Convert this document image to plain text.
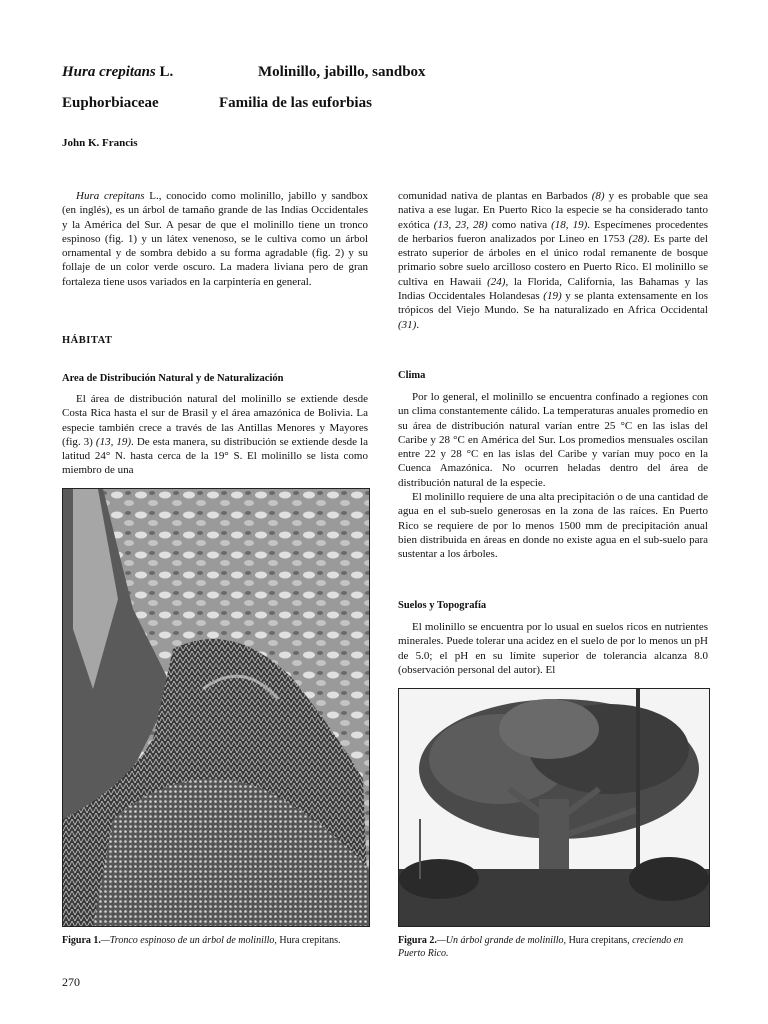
Hura crepitans L.	Molinillo, jabillo, sandbox
Euphorbiaceae	Familia de las euforbias
John K. Francis

Hura crepitans L., conocido como molinillo, jabillo y sandbox (en inglés), es un árbol de tamaño grande de las Indias Occidentales y la América del Sur. A pesar de que el molinillo tiene un tronco espinoso (fig. 1) y un látex venenoso, se le cultiva como un árbol ornamental y de sombra debido a su forma agradable (fig. 2) y su follaje de un color verde oscuro. La madera liviana pero de gran fortaleza tiene usos variados en la carpintería en general.

HÁBITAT
Area de Distribución Natural y de Naturalización

El área de distribución natural del molinillo se extiende desde Costa Rica hasta el sur de Brasil y el área amazónica de Bolivia. La especie también crece a través de las Antillas Menores y Mayores (fig. 3) (13, 19). De esta manera, su distribución se extiende desde la latitud 24° N. hasta cerca de la 19° S. El molinillo se lista como miembro de una

Figura 1.—Tronco espinoso de un árbol de molinillo, Hura crepitans.
270

comunidad nativa de plantas en Barbados (8) y es probable que sea nativa a ese lugar. En Puerto Rico la especie se ha considerado tanto exótica (13, 23, 28) como nativa (18, 19). Especímenes procedentes de herbarios fueron analizados por Lineo en 1753 (28). Es parte del estrato superior de árboles en el único rodal remanente de bosque primario sobre suelo arcilloso costero en Puerto Rico. El molinillo se cultiva en Hawaii (24), la Florida, California, las Bahamas y las Indias Occidentales Holandesas (19) y se planta extensamente en los trópicos del Viejo Mundo. Se ha naturalizado en Africa Occidental (31).

Clima

Por lo general, el molinillo se encuentra confinado a regiones con un clima constantemente cálido. La temperaturas anuales promedio en su área de distribución natural varían entre 25 °C en las islas del Caribe y 28 °C en América del Sur. Los promedios mensuales oscilan entre 22 y 28 °C en las islas del Caribe y varían muy poco en la Cuenca Amazónica. No ocurren heladas dentro del área de distribución natural de la especie.

El molinillo requiere de una alta precipitación o de una cantidad de agua en el sub-suelo generosas en la zona de las raíces. En Puerto Rico se requiere de por lo menos 1500 mm de precipitación anual bien distribuida en áreas en donde no existe agua en el sub-suelo para sustentar a los árboles.

Suelos y Topografía

El molinillo se encuentra por lo usual en suelos ricos en nutrientes minerales. Puede tolerar una acidez en el suelo de por lo menos un pH de 5.0; el pH en su límite superior de tolerancia alcanza 8.0 (observación personal del autor). El

Figura 2.—Un árbol grande de molinillo, Hura crepitans, creciendo en Puerto Rico.
